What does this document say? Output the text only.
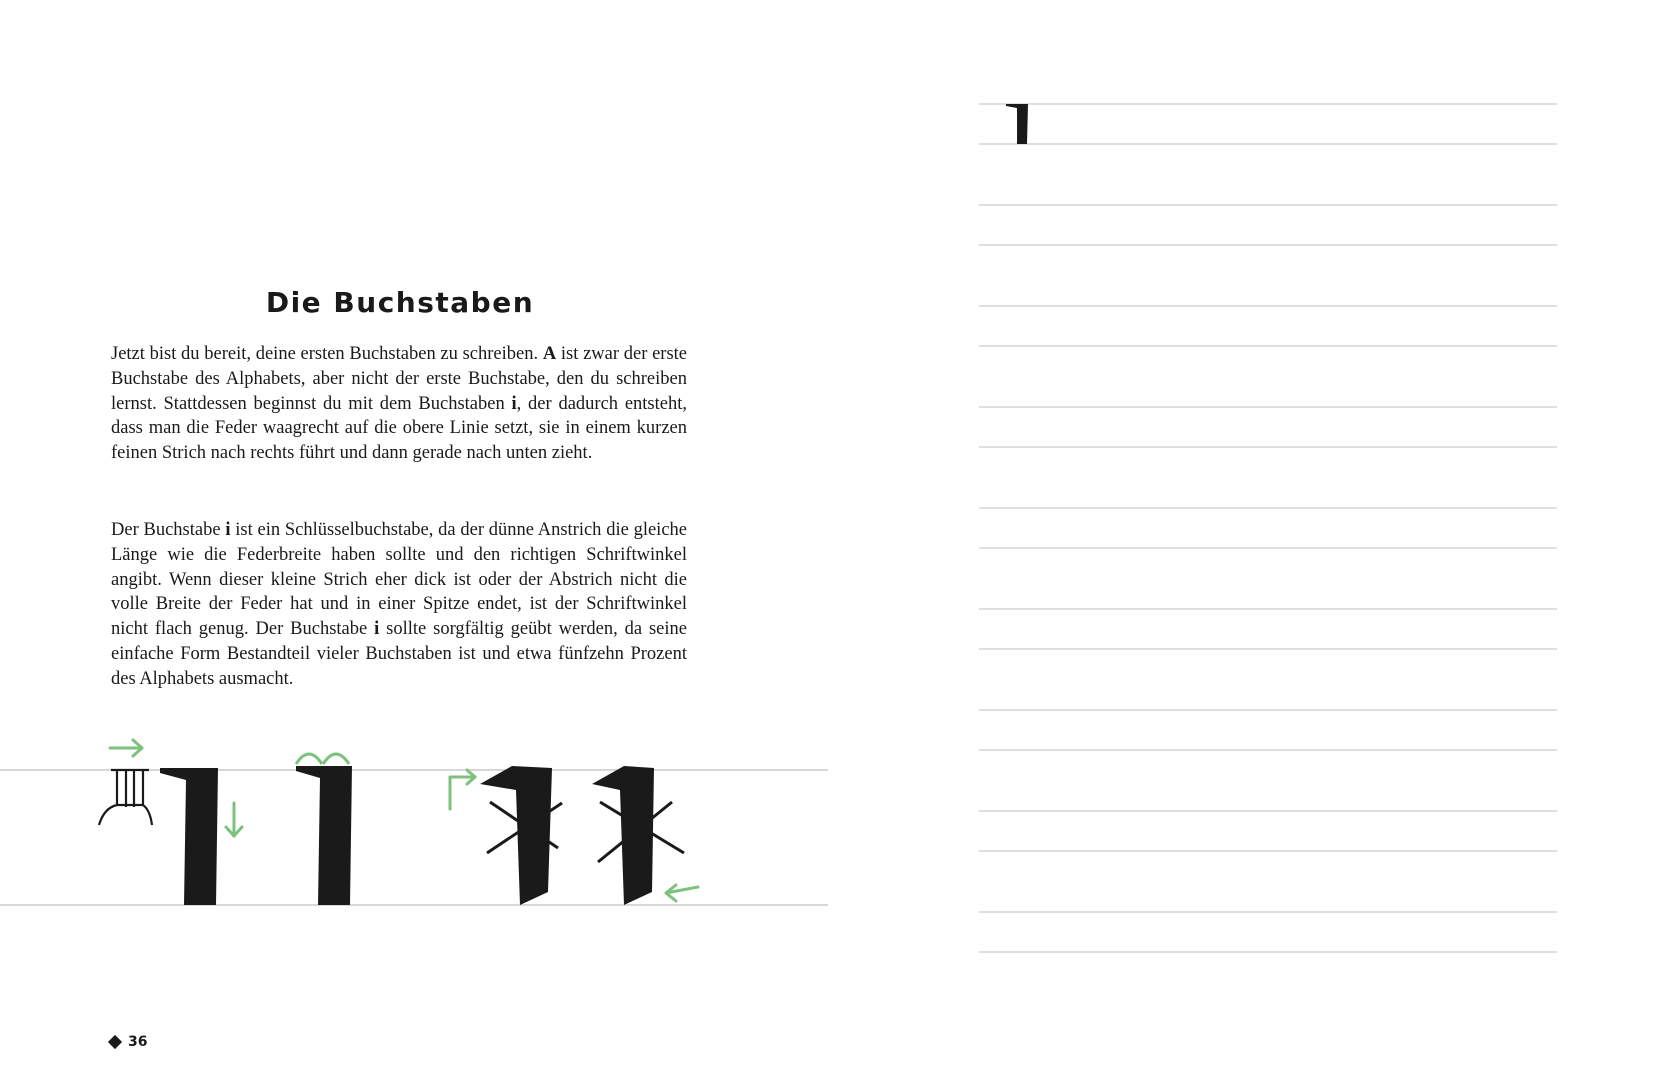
Die Buchstaben

Jetzt bist du bereit, deine ersten Buchstaben zu schreiben. A ist zwar der erste Buchstabe des Alphabets, aber nicht der erste Buchstabe, den du schreiben lernst. Stattdessen beginnst du mit dem Buchstaben i, der dadurch entsteht, dass man die Feder waagrecht auf die obere Linie setzt, sie in einem kurzen feinen Strich nach rechts führt und dann gerade nach unten zieht.

Der Buchstabe i ist ein Schlüsselbuchstabe, da der dünne Anstrich die gleiche Länge wie die Federbreite haben sollte und den richtigen Schriftwinkel angibt. Wenn dieser kleine Strich eher dick ist oder der Abstrich nicht die volle Breite der Feder hat und in einer Spitze endet, ist der Schriftwinkel nicht flach genug. Der Buchstabe i sollte sorgfältig geübt werden, da seine einfache Form Bestandteil vieler Buchstaben ist und etwa fünfzehn Prozent des Alphabets ausmacht.

36
